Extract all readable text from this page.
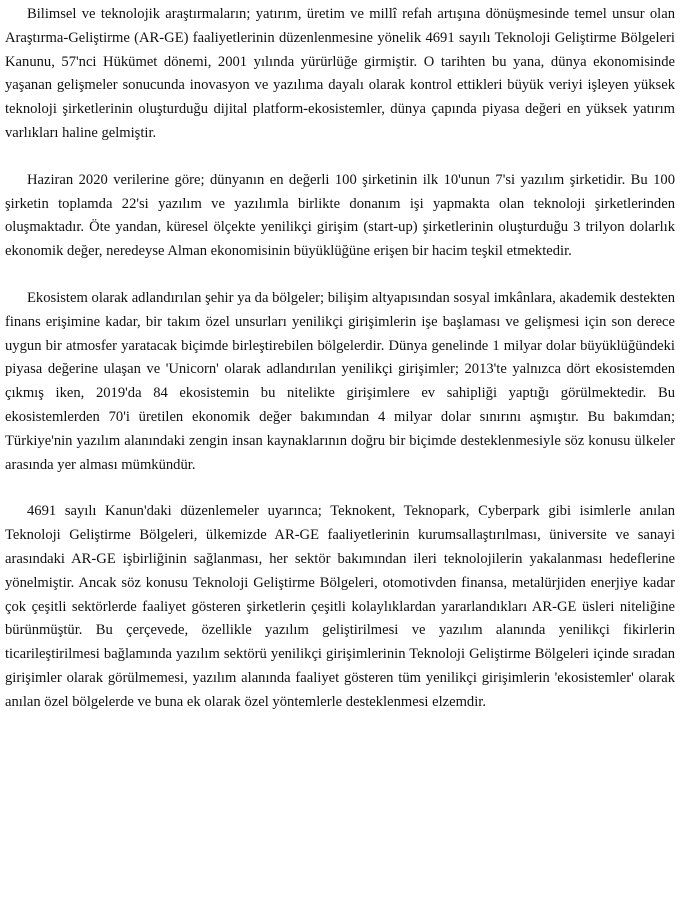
Bilimsel ve teknolojik araştırmaların; yatırım, üretim ve millî refah artışına dönüşmesinde temel unsur olan Araştırma-Geliştirme (AR-GE) faaliyetlerinin düzenlenmesine yönelik 4691 sayılı Teknoloji Geliştirme Bölgeleri Kanunu, 57'nci Hükümet dönemi, 2001 yılında yürürlüğe girmiştir. O tarihten bu yana, dünya ekonomisinde yaşanan gelişmeler sonucunda inovasyon ve yazılıma dayalı olarak kontrol ettikleri büyük veriyi işleyen yüksek teknoloji şirketlerinin oluşturduğu dijital platform-ekosistemler, dünya çapında piyasa değeri en yüksek yatırım varlıkları haline gelmiştir.

Haziran 2020 verilerine göre; dünyanın en değerli 100 şirketinin ilk 10'unun 7'si yazılım şirketidir. Bu 100 şirketin toplamda 22'si yazılım ve yazılımla birlikte donanım işi yapmakta olan teknoloji şirketlerinden oluşmaktadır. Öte yandan, küresel ölçekte yenilikçi girişim (start-up) şirketlerinin oluşturduğu 3 trilyon dolarlık ekonomik değer, neredeyse Alman ekonomisinin büyüklüğüne erişen bir hacim teşkil etmektedir.

Ekosistem olarak adlandırılan şehir ya da bölgeler; bilişim altyapısından sosyal imkânlara, akademik destekten finans erişimine kadar, bir takım özel unsurları yenilikçi girişimlerin işe başlaması ve gelişmesi için son derece uygun bir atmosfer yaratacak biçimde birleştirebilen bölgelerdir. Dünya genelinde 1 milyar dolar büyüklüğündeki piyasa değerine ulaşan ve 'Unicorn' olarak adlandırılan yenilikçi girişimler; 2013'te yalnızca dört ekosistemden çıkmış iken, 2019'da 84 ekosistemin bu nitelikte girişimlere ev sahipliği yaptığı görülmektedir. Bu ekosistemlerden 70'i üretilen ekonomik değer bakımından 4 milyar dolar sınırını aşmıştır. Bu bakımdan; Türkiye'nin yazılım alanındaki zengin insan kaynaklarının doğru bir biçimde desteklenmesiyle söz konusu ülkeler arasında yer alması mümkündür.

4691 sayılı Kanun'daki düzenlemeler uyarınca; Teknokent, Teknopark, Cyberpark gibi isimlerle anılan Teknoloji Geliştirme Bölgeleri, ülkemizde AR-GE faaliyetlerinin kurumsallaştırılması, üniversite ve sanayi arasındaki AR-GE işbirliğinin sağlanması, her sektör bakımından ileri teknolojilerin yakalanması hedeflerine yönelmiştir. Ancak söz konusu Teknoloji Geliştirme Bölgeleri, otomotivden finansa, metalürjiden enerjiye kadar çok çeşitli sektörlerde faaliyet gösteren şirketlerin çeşitli kolaylıklardan yararlandıkları AR-GE üsleri niteliğine bürünmüştür. Bu çerçevede, özellikle yazılım geliştirilmesi ve yazılım alanında yenilikçi fikirlerin ticarileştirilmesi bağlamında yazılım sektörü yenilikçi girişimlerinin Teknoloji Geliştirme Bölgeleri içinde sıradan girişimler olarak görülmemesi, yazılım alanında faaliyet gösteren tüm yenilikçi girişimlerin 'ekosistemler' olarak anılan özel bölgelerde ve buna ek olarak özel yöntemlerle desteklenmesi elzemdir.
